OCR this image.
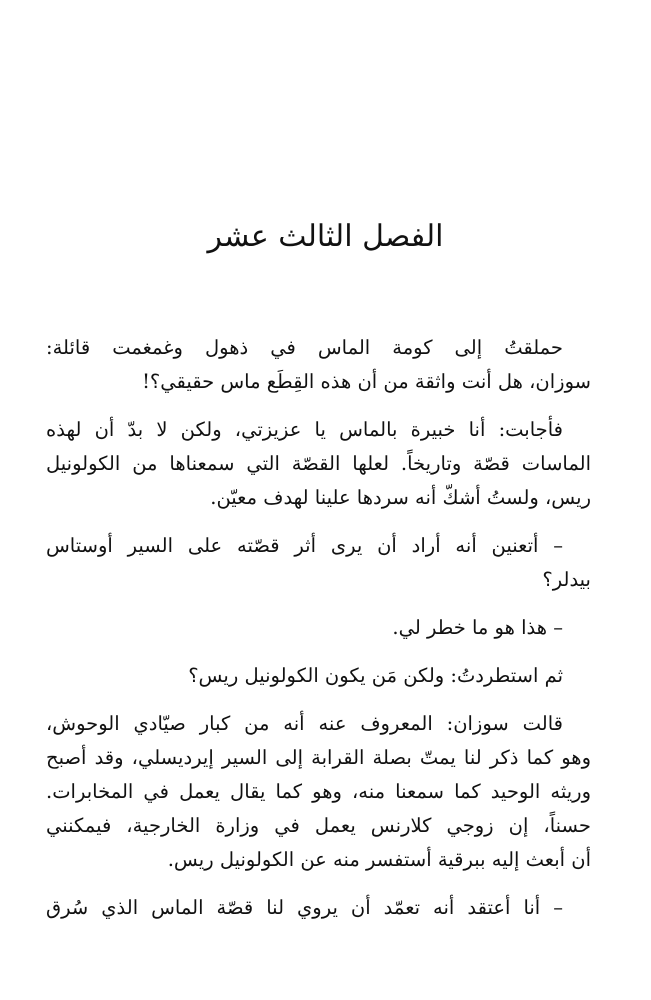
الفصل الثالث عشر

حملقتُ إلى كومة الماس في ذهول وغمغمت قائلة:
سوزان، هل أنت واثقة من أن هذه القِطَع ماس حقيقي؟!

فأجابت: أنا خبيرة بالماس يا عزيزتي، ولكن لا بدّ أن لهذه
الماسات قصّة وتاريخاً. لعلها القصّة التي سمعناها من الكولونيل
ريس، ولستُ أشكّ أنه سردها علينا لهدف معيّن.

– أتعنين أنه أراد أن يرى أثر قصّته على السير أوستاس
بيدلر؟

– هذا هو ما خطر لي.

ثم استطردتُ: ولكن مَن يكون الكولونيل ريس؟

قالت سوزان: المعروف عنه أنه من كبار صيّادي الوحوش،
وهو كما ذكر لنا يمتّ بصلة القرابة إلى السير إيرديسلي، وقد أصبح
وريثه الوحيد كما سمعنا منه، وهو كما يقال يعمل في المخابرات.
حسناً، إن زوجي كلارنس يعمل في وزارة الخارجية، فيمكنني
أن أبعث إليه ببرقية أستفسر منه عن الكولونيل ريس.

– أنا أعتقد أنه تعمّد أن يروي لنا قصّة الماس الذي سُرق
